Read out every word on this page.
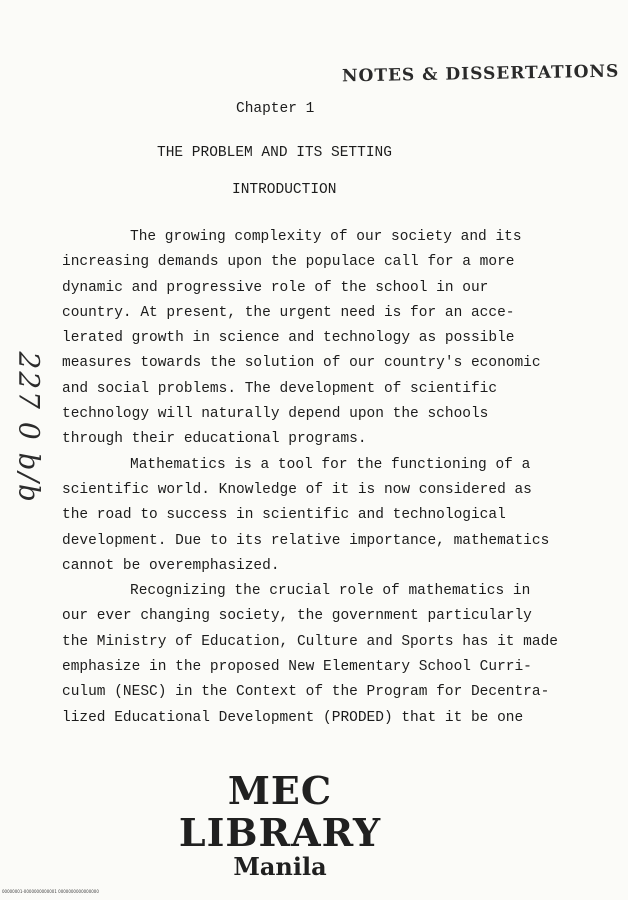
NOTES & DISSERTATIONS
Chapter 1
THE PROBLEM AND ITS SETTING
INTRODUCTION
227 0 b/b
The growing complexity of our society and its
increasing demands upon the populace call for a more
dynamic and progressive role of the school in our
country. At present, the urgent need is for an acce-
lerated growth in science and technology as possible
measures towards the solution of our country's economic
and social problems. The development of scientific
technology will naturally depend upon the schools
through their educational programs.
Mathematics is a tool for the functioning of a
scientific world. Knowledge of it is now considered as
the road to success in scientific and technological
development. Due to its relative importance, mathematics
cannot be overemphasized.
Recognizing the crucial role of mathematics in
our ever changing society, the government particularly
the Ministry of Education, Culture and Sports has it made
emphasize in the proposed New Elementary School Curri-
culum (NESC) in the Context of the Program for Decentra-
lized Educational Development (PRODED) that it be one
MEC LIBRARY
Manila
00000001-0000000000001 0000000000000000
